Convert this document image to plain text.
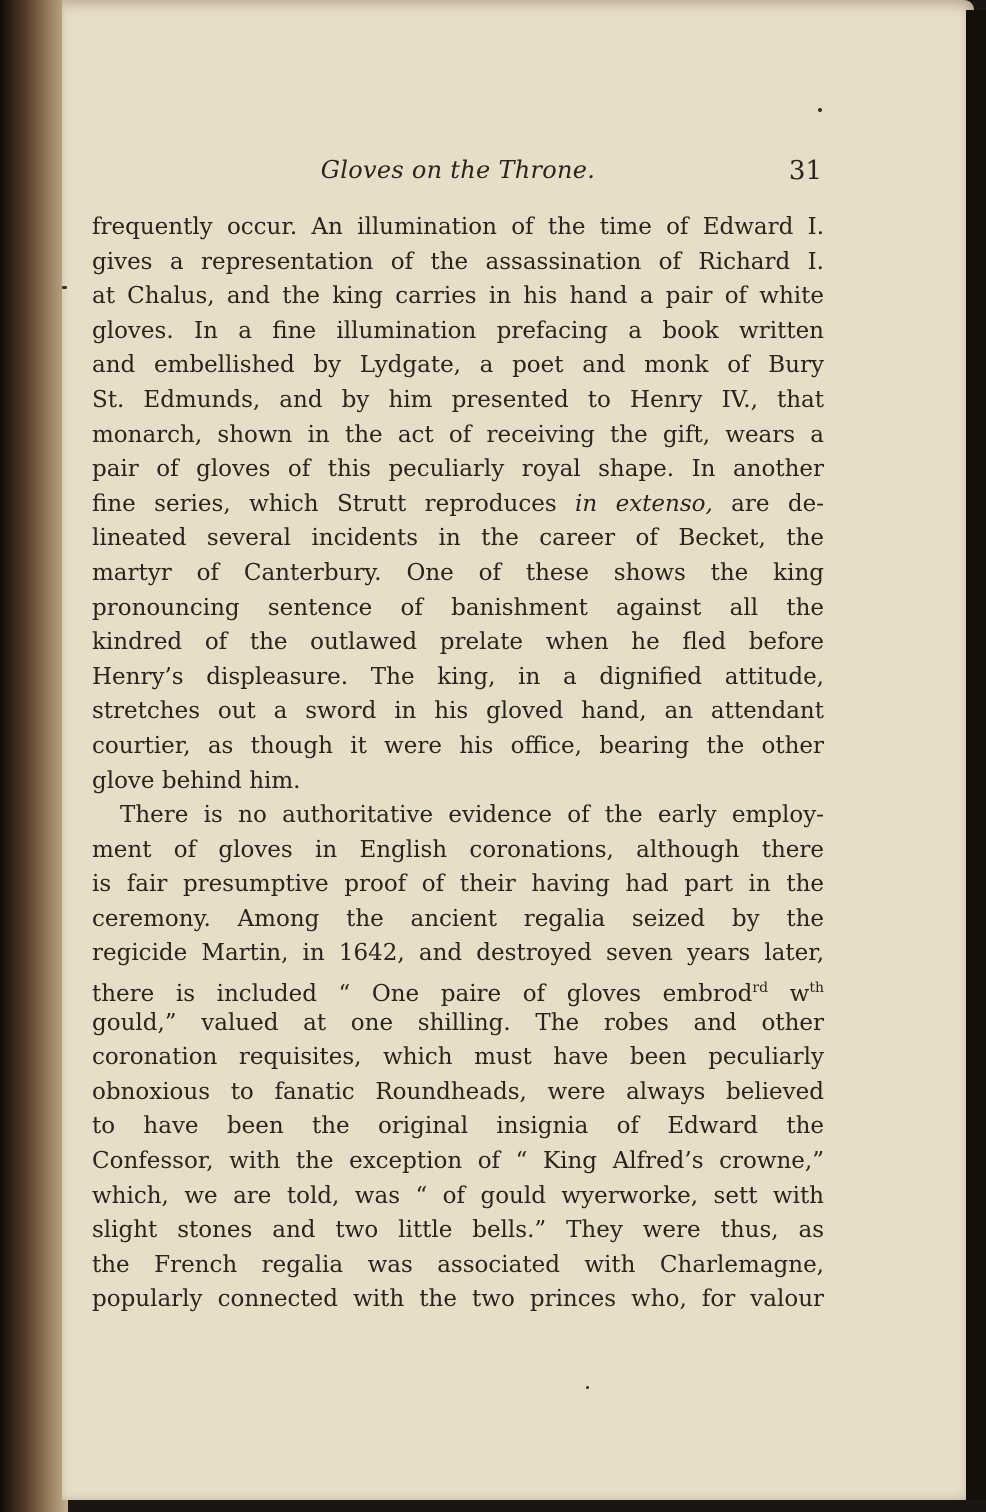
Gloves on the Throne.	31
frequently occur. An illumination of the time of Edward I.
gives a representation of the assassination of Richard I.
at Chalus, and the king carries in his hand a pair of white
gloves. In a fine illumination prefacing a book written
and embellished by Lydgate, a poet and monk of Bury
St. Edmunds, and by him presented to Henry IV., that
monarch, shown in the act of receiving the gift, wears a
pair of gloves of this peculiarly royal shape. In another
fine series, which Strutt reproduces in extenso, are de-
lineated several incidents in the career of Becket, the
martyr of Canterbury. One of these shows the king
pronouncing sentence of banishment against all the
kindred of the outlawed prelate when he fled before
Henry’s displeasure. The king, in a dignified attitude,
stretches out a sword in his gloved hand, an attendant
courtier, as though it were his office, bearing the other
glove behind him.
There is no authoritative evidence of the early employ-
ment of gloves in English coronations, although there
is fair presumptive proof of their having had part in the
ceremony. Among the ancient regalia seized by the
regicide Martin, in 1642, and destroyed seven years later,
there is included “ One paire of gloves embrod$^{rd}$ $w^{th}$
gould,” valued at one shilling. The robes and other
coronation requisites, which must have been peculiarly
obnoxious to fanatic Roundheads, were always believed
to have been the original insignia of Edward the
Confessor, with the exception of “ King Alfred’s crowne,”
which, we are told, was “ of gould wyerworke, sett with
slight stones and two little bells.” They were thus, as
the French regalia was associated with Charlemagne,
popularly connected with the two princes who, for valour
